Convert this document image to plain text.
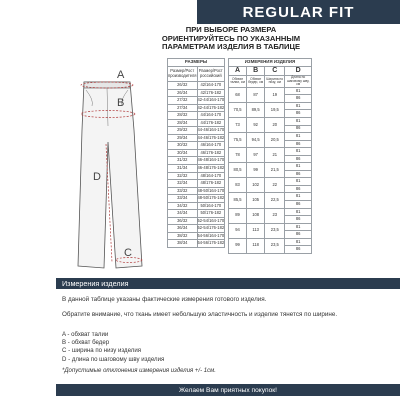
REGULAR FIT
ПРИ ВЫБОРЕ РАЗМЕРА
ОРИЕНТИРУЙТЕСЬ ПО УКАЗАННЫМ
ПАРАМЕТРАМ ИЗДЕЛИЯ В ТАБЛИЦЕ
A
B
D
C
РАЗМЕРЫ	
Размер/Рост производителя	Размер/Рост российский
26/32	42/164-170
26/34	42/176-182
27/32	42-44/164-170
27/34	42-44/176-182
28/32	44/164-170
28/34	44/176-182
29/32	44-46/164-170
29/34	44-46/176-182
30/32	46/164-170
30/34	46/176-182
31/32	46-48/164-170
31/34	46-48/176-182
32/32	48/164-170
32/34	48/176-182
33/32	48-50/164-170
33/34	48-50/176-182
34/32	50/164-170
34/34	50/176-182
36/32	52-54/164-170
36/34	52-54/176-182
38/32	54-56/164-170
38/34	54-56/176-182
ИЗМЕРЕНИЯ ИЗДЕЛИЯ			
A	B	C	D
Обхват талии, см	Обхват бедер, см	Ширина по низу, см	Длина по шаговому шву, см
68	87	19	81
			86
70,5	89,5	19,5	81
			86
73	92	20	81
			86
75,5	94,5	20,5	81
			86
78	97	21	81
			86
80,5	99	21,5	81
			86
83	102	22	81
			86
85,5	105	22,5	81
			86
89	108	23	81
			86
94	113	23,5	81
			86
99	118	23,5	81
			86
Измерения изделия

В данной таблице указаны фактические измерения готового изделия.

Обратите внимание, что ткань имеет небольшую эластичность и изделие тянется по ширине.

A - обхват талии
B - обхват бедер
C - ширина по низу изделия
D - длина по шаговому шву изделия
*Допустимые отклонения измерения изделия +/- 1см.
Желаем Вам приятных покупок!
